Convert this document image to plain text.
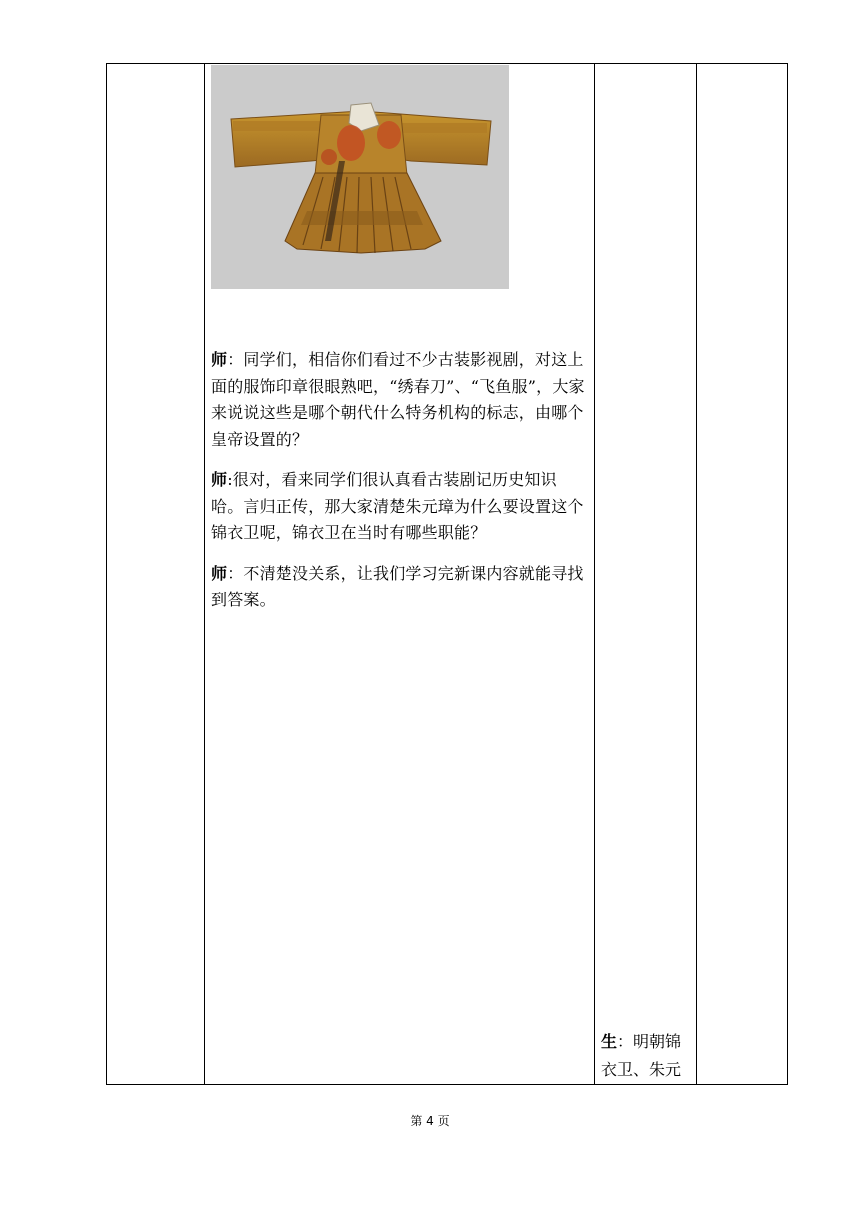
师：同学们，相信你们看过不少古装影视剧，对这上面的服饰印章很眼熟吧，“绣春刀”、“飞鱼服”，大家来说说这些是哪个朝代什么特务机构的标志，由哪个皇帝设置的？

师:很对，看来同学们很认真看古装剧记历史知识哈。言归正传，那大家清楚朱元璋为什么要设置这个锦衣卫呢，锦衣卫在当时有哪些职能？

师：不清楚没关系，让我们学习完新课内容就能寻找到答案。

生：明朝锦衣卫、朱元

第 4 页
